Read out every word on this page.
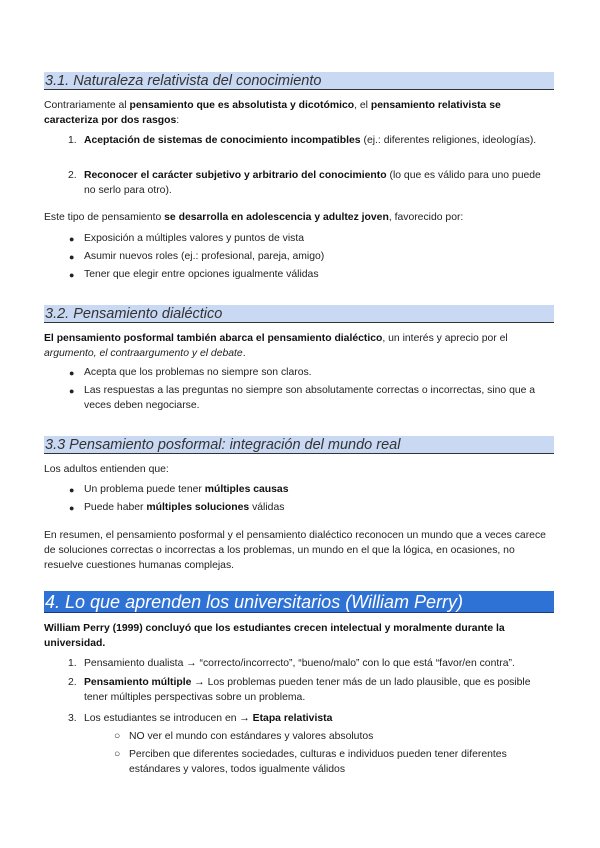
3.1. Naturaleza relativista del conocimiento
Contrariamente al pensamiento que es absolutista y dicotómico, el pensamiento relativista se caracteriza por dos rasgos:
1. Aceptación de sistemas de conocimiento incompatibles (ej.: diferentes religiones, ideologías).
2. Reconocer el carácter subjetivo y arbitrario del conocimiento (lo que es válido para uno puede no serlo para otro).
Este tipo de pensamiento se desarrolla en adolescencia y adultez joven, favorecido por:
● Exposición a múltiples valores y puntos de vista
● Asumir nuevos roles (ej.: profesional, pareja, amigo)
● Tener que elegir entre opciones igualmente válidas
3.2. Pensamiento dialéctico
El pensamiento posformal también abarca el pensamiento dialéctico, un interés y aprecio por el argumento, el contraargumento y el debate.
● Acepta que los problemas no siempre son claros.
● Las respuestas a las preguntas no siempre son absolutamente correctas o incorrectas, sino que a veces deben negociarse.
3.3 Pensamiento posformal: integración del mundo real
Los adultos entienden que:
● Un problema puede tener múltiples causas
● Puede haber múltiples soluciones válidas
En resumen, el pensamiento posformal y el pensamiento dialéctico reconocen un mundo que a veces carece de soluciones correctas o incorrectas a los problemas, un mundo en el que la lógica, en ocasiones, no resuelve cuestiones humanas complejas.
4. Lo que aprenden los universitarios (William Perry)
William Perry (1999) concluyó que los estudiantes crecen intelectual y moralmente durante la universidad.
1. Pensamiento dualista → “correcto/incorrecto”, “bueno/malo” con lo que está “favor/en contra”.
2. Pensamiento múltiple → Los problemas pueden tener más de un lado plausible, que es posible tener múltiples perspectivas sobre un problema.
3. Los estudiantes se introducen en → Etapa relativista
○ NO ver el mundo con estándares y valores absolutos
○ Perciben que diferentes sociedades, culturas e individuos pueden tener diferentes estándares y valores, todos igualmente válidos
